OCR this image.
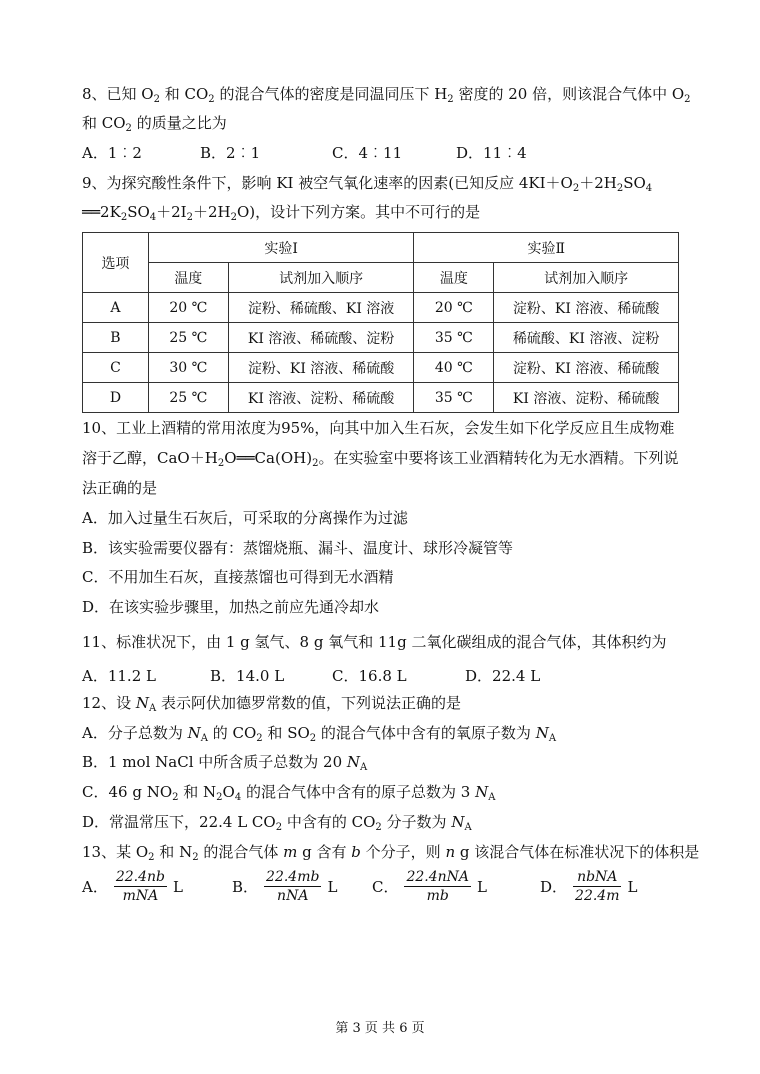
8、已知 $O_2$ 和 $CO_2$ 的混合气体的密度是同温同压下 $H_2$ 密度的 20 倍，则该混合气体中 $O_2$
和 $CO_2$ 的质量之比为
A．1︰2	B．2︰1	C．4︰11	D．11︰4
9、为探究酸性条件下，影响 KI 被空气氧化速率的因素(已知反应 $4KI+O_2+2H_2SO_4$
$══2K_2SO_4+2I_2+2H_2O$)，设计下列方案。其中不可行的是
选项	实验Ⅰ		实验Ⅱ	
	温度	试剂加入顺序	温度	试剂加入顺序
A	20 ℃	淀粉、稀硫酸、KI 溶液	20 ℃	淀粉、KI 溶液、稀硫酸
B	25 ℃	KI 溶液、稀硫酸、淀粉	35 ℃	稀硫酸、KI 溶液、淀粉
C	30 ℃	淀粉、KI 溶液、稀硫酸	40 ℃	淀粉、KI 溶液、稀硫酸
D	25 ℃	KI 溶液、淀粉、稀硫酸	35 ℃	KI 溶液、淀粉、稀硫酸
10、工业上酒精的常用浓度为95%，向其中加入生石灰，会发生如下化学反应且生成物难
溶于乙醇，$CaO+H_2O══Ca(OH)_2$。在实验室中要将该工业酒精转化为无水酒精。下列说
法正确的是
A．加入过量生石灰后，可采取的分离操作为过滤
B．该实验需要仪器有：蒸馏烧瓶、漏斗、温度计、球形冷凝管等
C．不用加生石灰，直接蒸馏也可得到无水酒精
D．在该实验步骤里，加热之前应先通冷却水
11、标准状况下，由 1 g 氢气、8 g 氧气和 11g 二氧化碳组成的混合气体，其体积约为
A．11.2 L	B．14.0 L	C．16.8 L	D．22.4 L
12、设 $N_A$ 表示阿伏加德罗常数的值，下列说法正确的是
A．分子总数为 $N_A$ 的 $CO_2$ 和 $SO_2$ 的混合气体中含有的氧原子数为 $N_A$
B．1 mol NaCl 中所含质子总数为 20 $N_A$
C．46 g $NO_2$ 和 $N_2O_4$ 的混合气体中含有的原子总数为 3 $N_A$
D．常温常压下，22.4 L $CO_2$ 中含有的 $CO_2$ 分子数为 $N_A$
13、某 $O_2$ 和 $N_2$ 的混合气体 m g 含有 b 个分子，则 n g 该混合气体在标准状况下的体积是
A． $\frac{22.4nb}{\text{mNA}}$ L	B． $\frac{22.4mb}{\text{nNA}}$ L C． $\frac{\text{22.4nNA}}{mb}$ L	D． $\frac{\text{nbNA}}{22.4m}$ L
第 3 页 共 6 页
